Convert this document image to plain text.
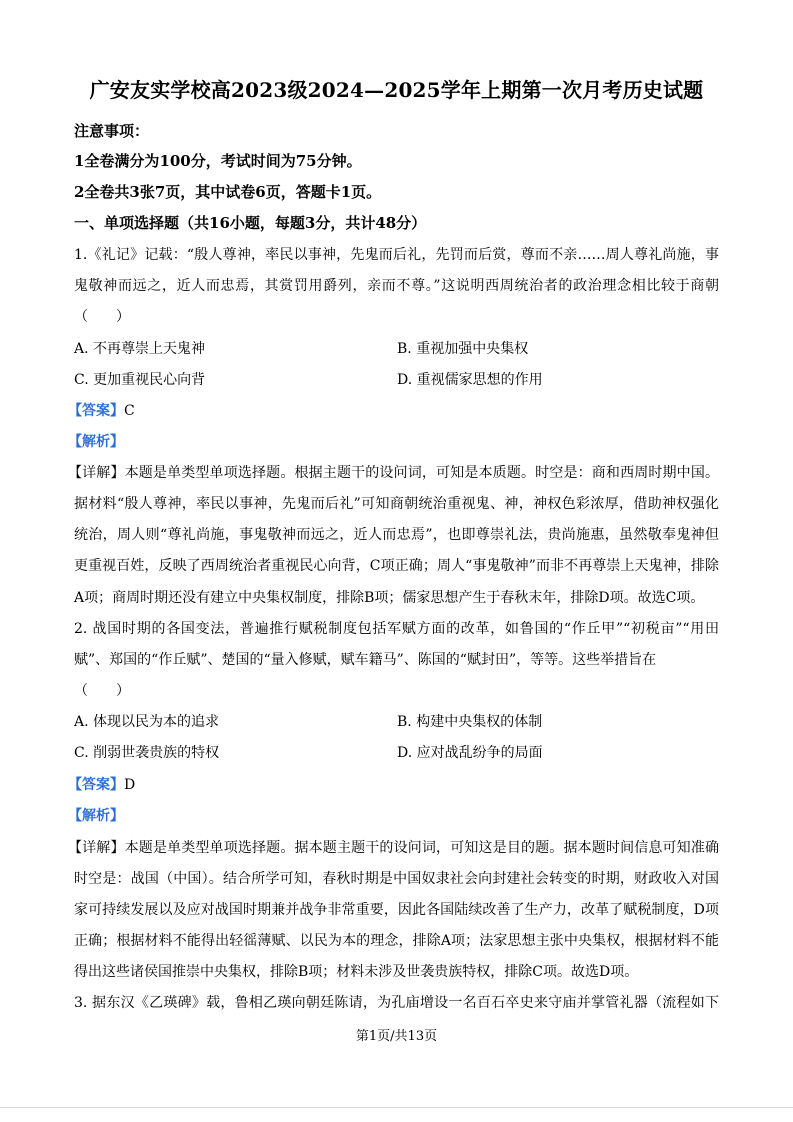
广安友实学校高2023级2024—2025学年上期第一次月考历史试题
注意事项：
1全卷满分为100分，考试时间为75分钟。
2全卷共3张7页，其中试卷6页，答题卡1页。
一、单项选择题（共16小题，每题3分，共计48分）
1.《礼记》记载：“殷人尊神，率民以事神，先鬼而后礼，先罚而后赏，尊而不亲……周人尊礼尚施，事
鬼敬神而远之，近人而忠焉，其赏罚用爵列，亲而不尊。”这说明西周统治者的政治理念相比较于商朝
（　　）
A. 不再尊崇上天鬼神	B. 重视加强中央集权
C. 更加重视民心向背	D. 重视儒家思想的作用
【答案】C
【解析】
【详解】本题是单类型单项选择题。根据主题干的设问词，可知是本质题。时空是：商和西周时期中国。
据材料“殷人尊神，率民以事神，先鬼而后礼”可知商朝统治重视鬼、神，神权色彩浓厚，借助神权强化
统治，周人则“尊礼尚施，事鬼敬神而远之，近人而忠焉”，也即尊崇礼法，贵尚施惠，虽然敬奉鬼神但
更重视百姓，反映了西周统治者重视民心向背，C项正确；周人“事鬼敬神”而非不再尊崇上天鬼神，排除
A项；商周时期还没有建立中央集权制度，排除B项；儒家思想产生于春秋末年，排除D项。故选C项。
2. 战国时期的各国变法，普遍推行赋税制度包括军赋方面的改革，如鲁国的“作丘甲”“初税亩”“用田
赋”、郑国的“作丘赋”、楚国的“量入修赋，赋车籍马”、陈国的“赋封田”，等等。这些举措旨在
（　　）
A. 体现以民为本的追求	B. 构建中央集权的体制
C. 削弱世袭贵族的特权	D. 应对战乱纷争的局面
【答案】D
【解析】
【详解】本题是单类型单项选择题。据本题主题干的设问词，可知这是目的题。据本题时间信息可知准确
时空是：战国（中国）。结合所学可知，春秋时期是中国奴隶社会向封建社会转变的时期，财政收入对国
家可持续发展以及应对战国时期兼并战争非常重要，因此各国陆续改善了生产力，改革了赋税制度，D项
正确；根据材料不能得出轻徭薄赋、以民为本的理念，排除A项；法家思想主张中央集权，根据材料不能
得出这些诸侯国推崇中央集权，排除B项；材料未涉及世袭贵族特权，排除C项。故选D项。
3. 据东汉《乙瑛碑》载，鲁相乙瑛向朝廷陈请，为孔庙增设一名百石卒史来守庙并掌管礼器（流程如下
第1页/共13页
